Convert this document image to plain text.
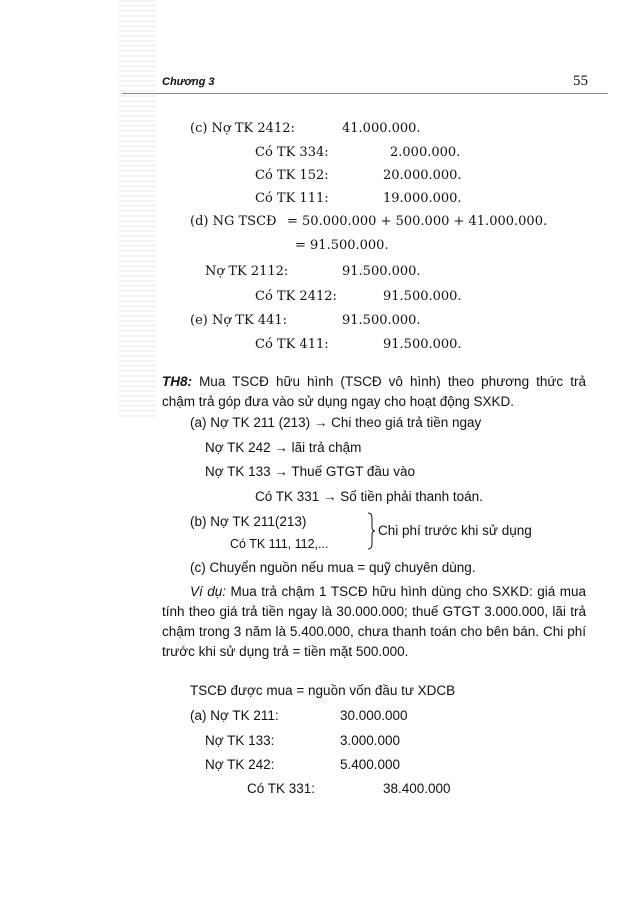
Chương 3	55
(c) Nợ TK 2412:	41.000.000.
Có TK 334:	2.000.000.
Có TK 152:	20.000.000.
Có TK 111:	19.000.000.
(d) NG TSCĐ = 50.000.000 + 500.000 + 41.000.000.
= 91.500.000.
Nợ TK 2112:	91.500.000.
Có TK 2412:	91.500.000.
(e) Nợ TK 441:	91.500.000.
Có TK 411:	91.500.000.
TH8: Mua TSCĐ hữu hình (TSCĐ vô hình) theo phương thức trả chậm trả góp đưa vào sử dụng ngay cho hoạt động SXKD.
(a) Nợ TK 211 (213) → Chi theo giá trả tiền ngay
Nợ TK 242 → lãi trả chậm
Nợ TK 133 → Thuế GTGT đầu vào
Có TK 331 → Số tiền phải thanh toán.
(b) Nợ TK 211(213)
Có TK 111, 112,...
Chi phí trước khi sử dụng
(c) Chuyển nguồn nếu mua = quỹ chuyên dùng.
Ví dụ: Mua trả chậm 1 TSCĐ hữu hình dùng cho SXKD: giá mua tính theo giá trả tiền ngay là 30.000.000; thuế GTGT 3.000.000, lãi trả chậm trong 3 năm là 5.400.000, chưa thanh toán cho bên bán. Chi phí trước khi sử dụng trả = tiền mặt 500.000.
TSCĐ được mua = nguồn vốn đầu tư XDCB
(a) Nợ TK 211:	30.000.000
Nợ TK 133:	3.000.000
Nợ TK 242:	5.400.000
Có TK 331:	38.400.000
